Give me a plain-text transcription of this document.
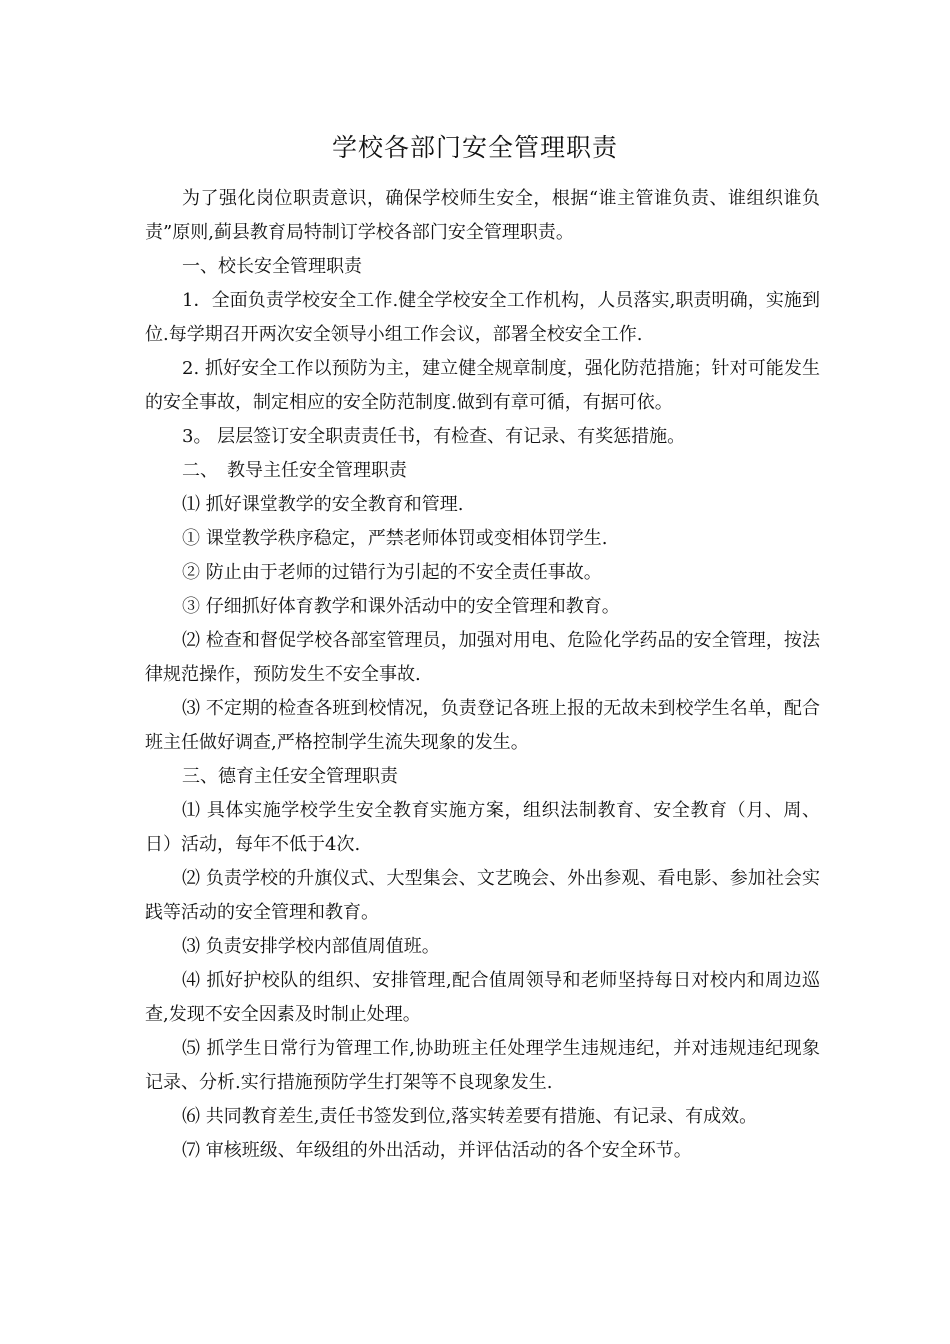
学校各部门安全管理职责

为了强化岗位职责意识，确保学校师生安全，根据“谁主管谁负责、谁组织谁负责”原则,蓟县教育局特制订学校各部门安全管理职责。

一、校长安全管理职责

1．全面负责学校安全工作.健全学校安全工作机构，人员落实,职责明确，实施到位.每学期召开两次安全领导小组工作会议，部署全校安全工作.

2. 抓好安全工作以预防为主，建立健全规章制度，强化防范措施；针对可能发生的安全事故，制定相应的安全防范制度.做到有章可循，有据可依。

3。 层层签订安全职责责任书，有检查、有记录、有奖惩措施。

二、　教导主任安全管理职责

⑴ 抓好课堂教学的安全教育和管理.

① 课堂教学秩序稳定，严禁老师体罚或变相体罚学生.

② 防止由于老师的过错行为引起的不安全责任事故。

③ 仔细抓好体育教学和课外活动中的安全管理和教育。

⑵ 检查和督促学校各部室管理员，加强对用电、危险化学药品的安全管理，按法律规范操作，预防发生不安全事故.

⑶ 不定期的检查各班到校情况，负责登记各班上报的无故未到校学生名单，配合班主任做好调查,严格控制学生流失现象的发生。

三、德育主任安全管理职责

⑴ 具体实施学校学生安全教育实施方案，组织法制教育、安全教育（月、周、日）活动，每年不低于4次.

⑵ 负责学校的升旗仪式、大型集会、文艺晚会、外出参观、看电影、参加社会实践等活动的安全管理和教育。

⑶ 负责安排学校内部值周值班。

⑷ 抓好护校队的组织、安排管理,配合值周领导和老师坚持每日对校内和周边巡查,发现不安全因素及时制止处理。

⑸ 抓学生日常行为管理工作,协助班主任处理学生违规违纪，并对违规违纪现象记录、分析.实行措施预防学生打架等不良现象发生.

⑹ 共同教育差生,责任书签发到位,落实转差要有措施、有记录、有成效。

⑺ 审核班级、年级组的外出活动，并评估活动的各个安全环节。
